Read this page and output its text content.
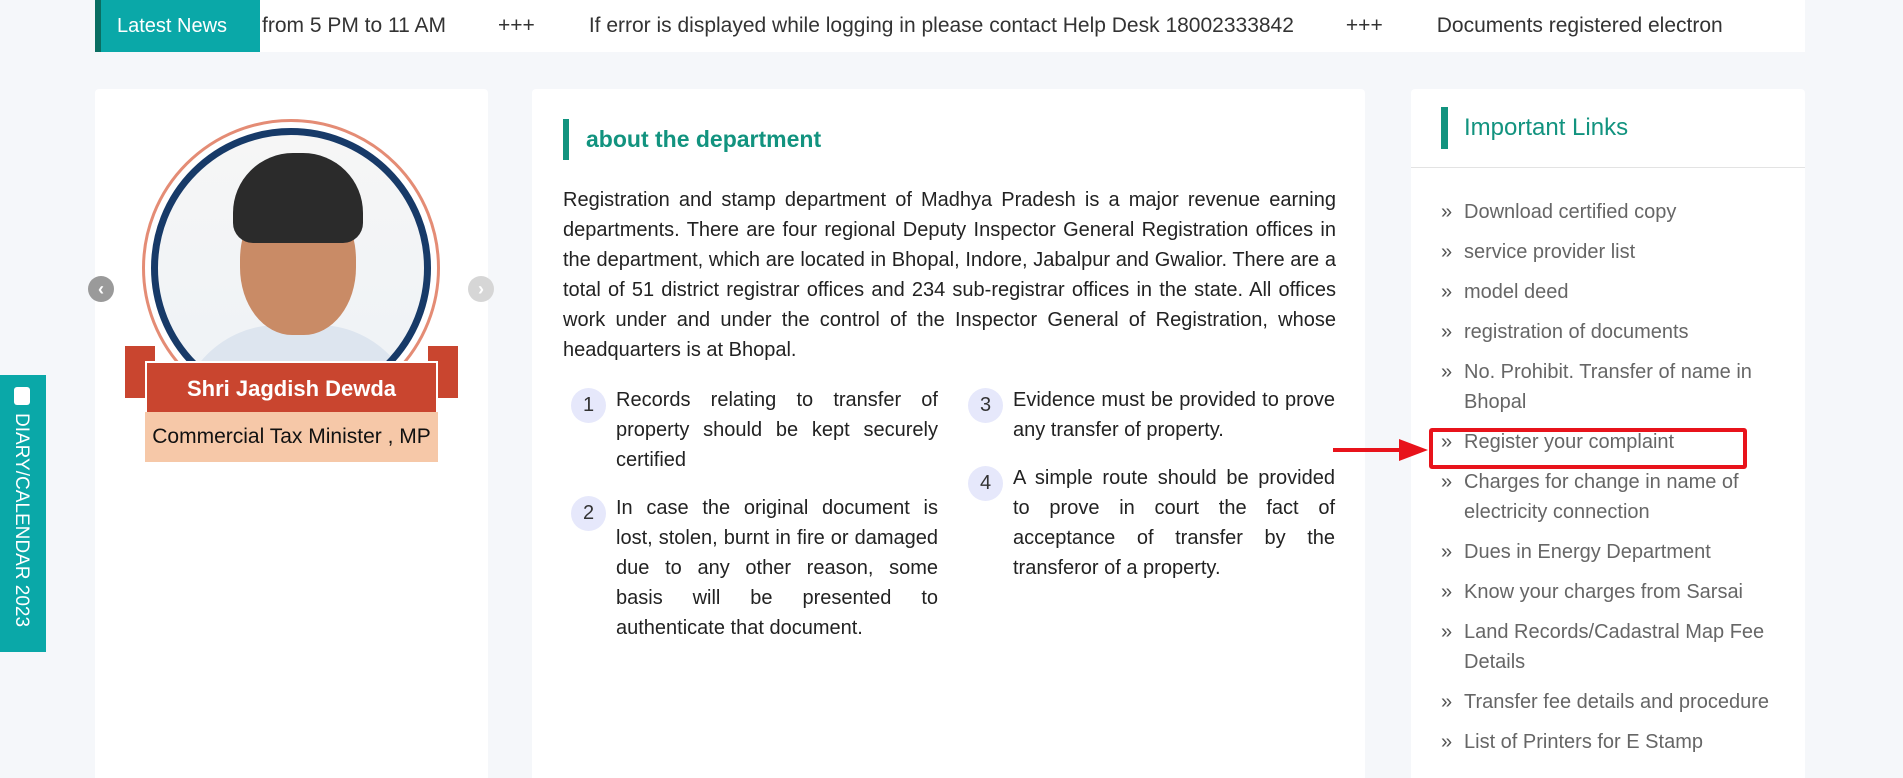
Latest News	from 5 PM to 11 AM +++	If error is displayed while logging in please contact Help Desk 18002333842 +++	Documents registered electron
Shri Jagdish Dewda
Commercial Tax Minister , MP
‹	›
about the department

Registration and stamp department of Madhya Pradesh is a major revenue earning departments. There are four regional Deputy Inspector General Registration offices in the department, which are located in Bhopal, Indore, Jabalpur and Gwalior. There are a total of 51 district registrar offices and 234 sub-registrar offices in the state. All offices work under and under the control of the Inspector General of Registration, whose headquarters is at Bhopal.

1	Records relating to transfer of property should be kept securely certified
2	In case the original document is lost, stolen, burnt in fire or damaged due to any other reason, some basis will be presented to authenticate that document.
3	Evidence must be provided to prove any transfer of property.
4	A simple route should be provided to prove in court the fact of acceptance of transfer by the transferor of a property.
Important Links
» Download certified copy
» service provider list
» model deed
» registration of documents
» No. Prohibit. Transfer of name in Bhopal
» Register your complaint
» Charges for change in name of electricity connection
» Dues in Energy Department
» Know your charges from Sarsai
» Land Records/Cadastral Map Fee Details
» Transfer fee details and procedure
» List of Printers for E Stamp
DIARY/CALENDAR 2023
